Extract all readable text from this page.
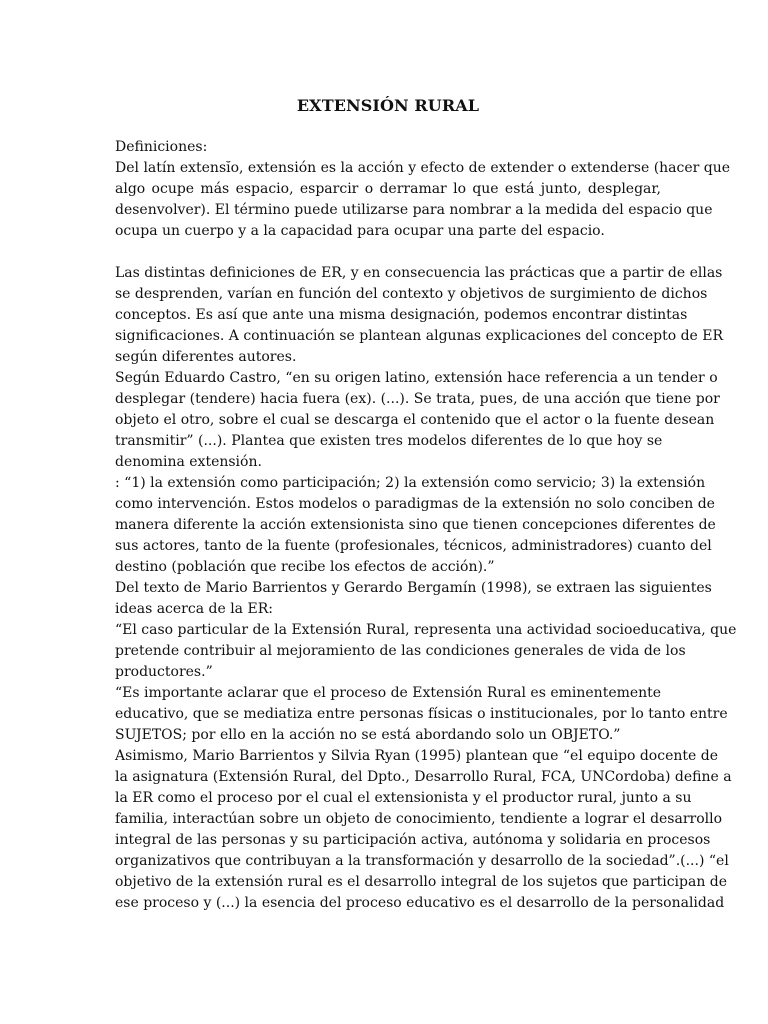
EXTENSIÓN RURAL
Definiciones:
Del latín extensĭo, extensión es la acción y efecto de extender o extenderse (hacer que
algo ocupe más espacio, esparcir o derramar lo que está junto, desplegar,
desenvolver). El término puede utilizarse para nombrar a la medida del espacio que
ocupa un cuerpo y a la capacidad para ocupar una parte del espacio.
Las distintas definiciones de ER, y en consecuencia las prácticas que a partir de ellas
se desprenden, varían en función del contexto y objetivos de surgimiento de dichos
conceptos. Es así que ante una misma designación, podemos encontrar distintas
significaciones. A continuación se plantean algunas explicaciones del concepto de ER
según diferentes autores.
Según Eduardo Castro, “en su origen latino, extensión hace referencia a un tender o
desplegar (tendere) hacia fuera (ex). (...). Se trata, pues, de una acción que tiene por
objeto el otro, sobre el cual se descarga el contenido que el actor o la fuente desean
transmitir” (...). Plantea que existen tres modelos diferentes de lo que hoy se
denomina extensión.
: “1) la extensión como participación; 2) la extensión como servicio; 3) la extensión
como intervención. Estos modelos o paradigmas de la extensión no solo conciben de
manera diferente la acción extensionista sino que tienen concepciones diferentes de
sus actores, tanto de la fuente (profesionales, técnicos, administradores) cuanto del
destino (población que recibe los efectos de acción).”
Del texto de Mario Barrientos y Gerardo Bergamín (1998), se extraen las siguientes
ideas acerca de la ER:
“El caso particular de la Extensión Rural, representa una actividad socioeducativa, que
pretende contribuir al mejoramiento de las condiciones generales de vida de los
productores.”
“Es importante aclarar que el proceso de Extensión Rural es eminentemente
educativo, que se mediatiza entre personas físicas o institucionales, por lo tanto entre
SUJETOS; por ello en la acción no se está abordando solo un OBJETO.”
Asimismo, Mario Barrientos y Silvia Ryan (1995) plantean que “el equipo docente de
la asignatura (Extensión Rural, del Dpto., Desarrollo Rural, FCA, UNCordoba) define a
la ER como el proceso por el cual el extensionista y el productor rural, junto a su
familia, interactúan sobre un objeto de conocimiento, tendiente a lograr el desarrollo
integral de las personas y su participación activa, autónoma y solidaria en procesos
organizativos que contribuyan a la transformación y desarrollo de la sociedad”.(...) “el
objetivo de la extensión rural es el desarrollo integral de los sujetos que participan de
ese proceso y (...) la esencia del proceso educativo es el desarrollo de la personalidad
